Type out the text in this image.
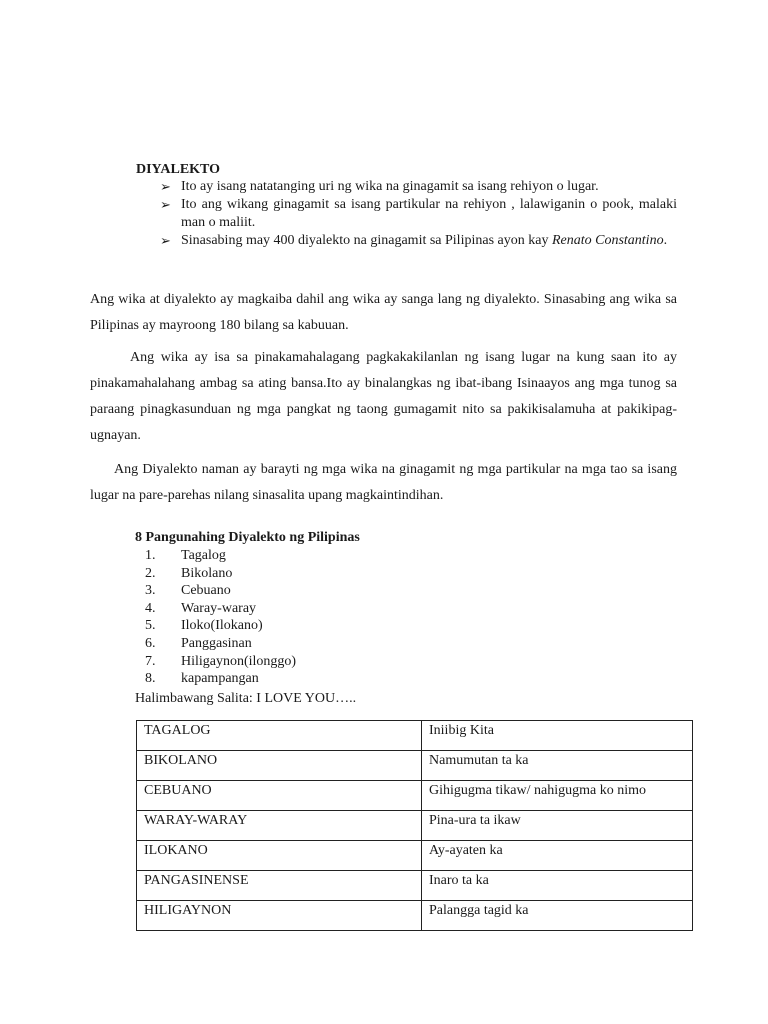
DIYALEKTO
➢ Ito ay isang natatanging uri ng wika na ginagamit sa isang rehiyon o lugar.
➢ Ito ang wikang ginagamit sa isang partikular na rehiyon , lalawiganin o pook, malaki man o maliit.
➢ Sinasabing may 400 diyalekto na ginagamit sa Pilipinas ayon kay Renato Constantino.

Ang wika at diyalekto ay magkaiba dahil ang wika ay sanga lang ng diyalekto. Sinasabing ang wika sa Pilipinas ay mayroong 180 bilang sa kabuuan.

Ang wika ay isa sa pinakamahalagang pagkakakilanlan ng isang lugar na kung saan ito ay pinakamahalahang ambag sa ating bansa.Ito ay binalangkas ng ibat-ibang Isinaayos ang mga tunog sa paraang pinagkasunduan ng mga pangkat ng taong gumagamit nito sa pakikisalamuha at pakikipag-ugnayan.

Ang Diyalekto naman ay barayti ng mga wika na ginagamit ng mga partikular na mga tao sa isang lugar na pare-parehas nilang sinasalita upang magkaintindihan.

8 Pangunahing Diyalekto ng Pilipinas
1.	Tagalog
2.	Bikolano
3.	Cebuano
4.	Waray-waray
5.	Iloko(Ilokano)
6.	Panggasinan
7.	Hiligaynon(ilonggo)
8.	kapampangan
Halimbawang Salita: I LOVE YOU…..
TAGALOG	Iniibig Kita
BIKOLANO	Namumutan ta ka
CEBUANO	Gihigugma tikaw/ nahigugma ko nimo
WARAY-WARAY	Pina-ura ta ikaw
ILOKANO	Ay-ayaten ka
PANGASINENSE	Inaro ta ka
HILIGAYNON	Palangga tagid ka
